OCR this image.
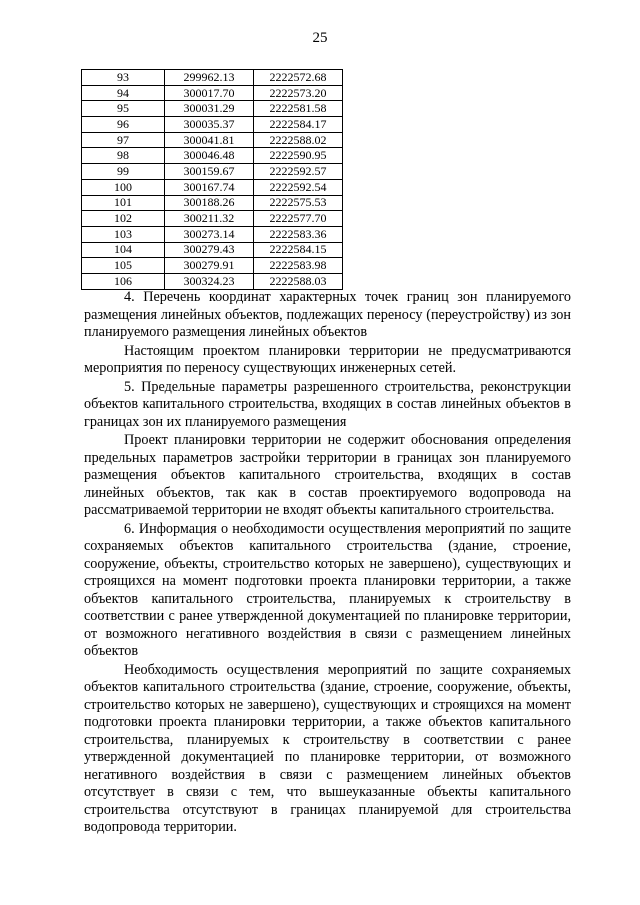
25
93	299962.13	2222572.68
94	300017.70	2222573.20
95	300031.29	2222581.58
96	300035.37	2222584.17
97	300041.81	2222588.02
98	300046.48	2222590.95
99	300159.67	2222592.57
100	300167.74	2222592.54
101	300188.26	2222575.53
102	300211.32	2222577.70
103	300273.14	2222583.36
104	300279.43	2222584.15
105	300279.91	2222583.98
106	300324.23	2222588.03

4. Перечень координат характерных точек границ зон планируемого размещения линейных объектов, подлежащих переносу (переустройству) из зон планируемого размещения линейных объектов

Настоящим проектом планировки территории не предусматриваются мероприятия по переносу существующих инженерных сетей.

5. Предельные параметры разрешенного строительства, реконструкции объектов капитального строительства, входящих в состав линейных объектов в границах зон их планируемого размещения

Проект планировки территории не содержит обоснования определения предельных параметров застройки территории в границах зон планируемого размещения объектов капитального строительства, входящих в состав линейных объектов, так как в состав проектируемого водопровода на рассматриваемой территории не входят объекты капитального строительства.

6. Информация о необходимости осуществления мероприятий по защите сохраняемых объектов капитального строительства (здание, строение, сооружение, объекты, строительство которых не завершено), существующих и строящихся на момент подготовки проекта планировки территории, а также объектов капитального строительства, планируемых к строительству в соответствии с ранее утвержденной документацией по планировке территории, от возможного негативного воздействия в связи с размещением линейных объектов

Необходимость осуществления мероприятий по защите сохраняемых объектов капитального строительства (здание, строение, сооружение, объекты, строительство которых не завершено), существующих и строящихся на момент подготовки проекта планировки территории, а также объектов капитального строительства, планируемых к строительству в соответствии с ранее утвержденной документацией по планировке территории, от возможного негативного воздействия в связи с размещением линейных объектов отсутствует в связи с тем, что вышеуказанные объекты капитального строительства отсутствуют в границах планируемой для строительства водопровода территории.
